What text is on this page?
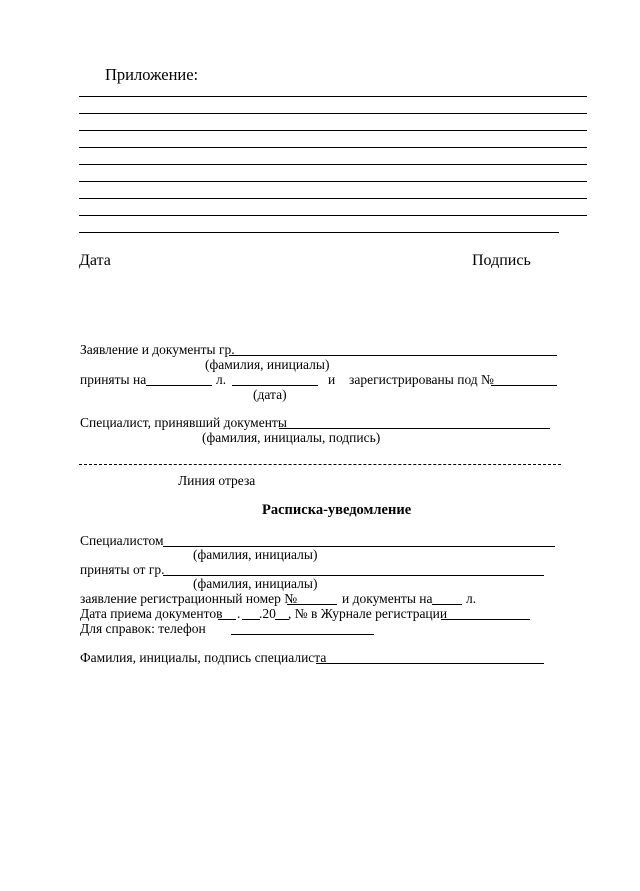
Приложение:
Дата	Подпись
Заявление и документы гр.
(фамилия, инициалы)
приняты на	л.	и зарегистрированы под №
(дата)
Специалист, принявший документы
(фамилия, инициалы, подпись)
Линия отреза
Расписка-уведомление
Специалистом
(фамилия, инициалы)
приняты от гр.
(фамилия, инициалы)
заявление регистрационный номер №	и документы на л.
Дата приема документов . .20 , № в Журнале регистрации
Для справок: телефон
Фамилия, инициалы, подпись специалиста
